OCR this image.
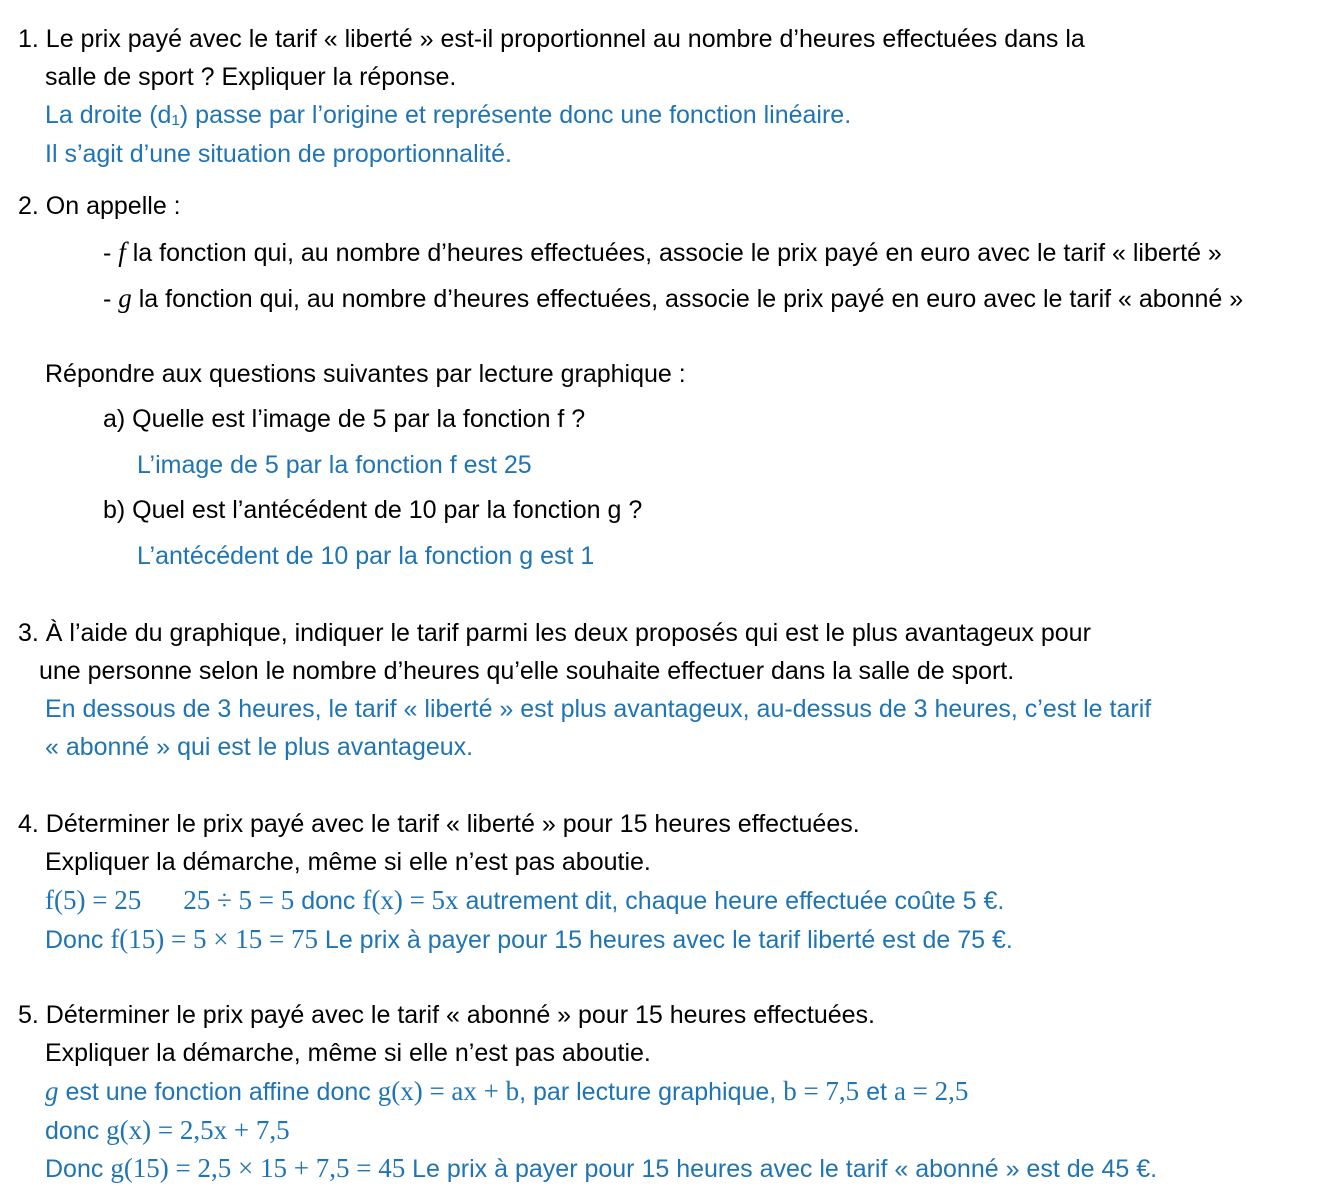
1. Le prix payé avec le tarif « liberté » est-il proportionnel au nombre d’heures effectuées dans la
salle de sport ? Expliquer la réponse.
La droite (d₁) passe par l’origine et représente donc une fonction linéaire.
Il s’agit d’une situation de proportionnalité.
2. On appelle :
- f la fonction qui, au nombre d’heures effectuées, associe le prix payé en euro avec le tarif « liberté »
- g la fonction qui, au nombre d’heures effectuées, associe le prix payé en euro avec le tarif « abonné »
Répondre aux questions suivantes par lecture graphique :
a) Quelle est l’image de 5 par la fonction f ?
L’image de 5 par la fonction f est 25
b) Quel est l’antécédent de 10 par la fonction g ?
L’antécédent de 10 par la fonction g est 1
3. À l’aide du graphique, indiquer le tarif parmi les deux proposés qui est le plus avantageux pour
une personne selon le nombre d’heures qu’elle souhaite effectuer dans la salle de sport.
En dessous de 3 heures, le tarif « liberté » est plus avantageux, au-dessus de 3 heures, c’est le tarif
« abonné » qui est le plus avantageux.
4. Déterminer le prix payé avec le tarif « liberté » pour 15 heures effectuées.
Expliquer la démarche, même si elle n’est pas aboutie.
f(5) = 25 25 ÷ 5 = 5 donc f(x) = 5x autrement dit, chaque heure effectuée coûte 5 €.
Donc f(15) = 5 × 15 = 75 Le prix à payer pour 15 heures avec le tarif liberté est de 75 €.
5. Déterminer le prix payé avec le tarif « abonné » pour 15 heures effectuées.
Expliquer la démarche, même si elle n’est pas aboutie.
g est une fonction affine donc g(x) = ax + b, par lecture graphique, b = 7,5 et a = 2,5
donc g(x) = 2,5x + 7,5
Donc g(15) = 2,5 × 15 + 7,5 = 45 Le prix à payer pour 15 heures avec le tarif « abonné » est de 45 €.
